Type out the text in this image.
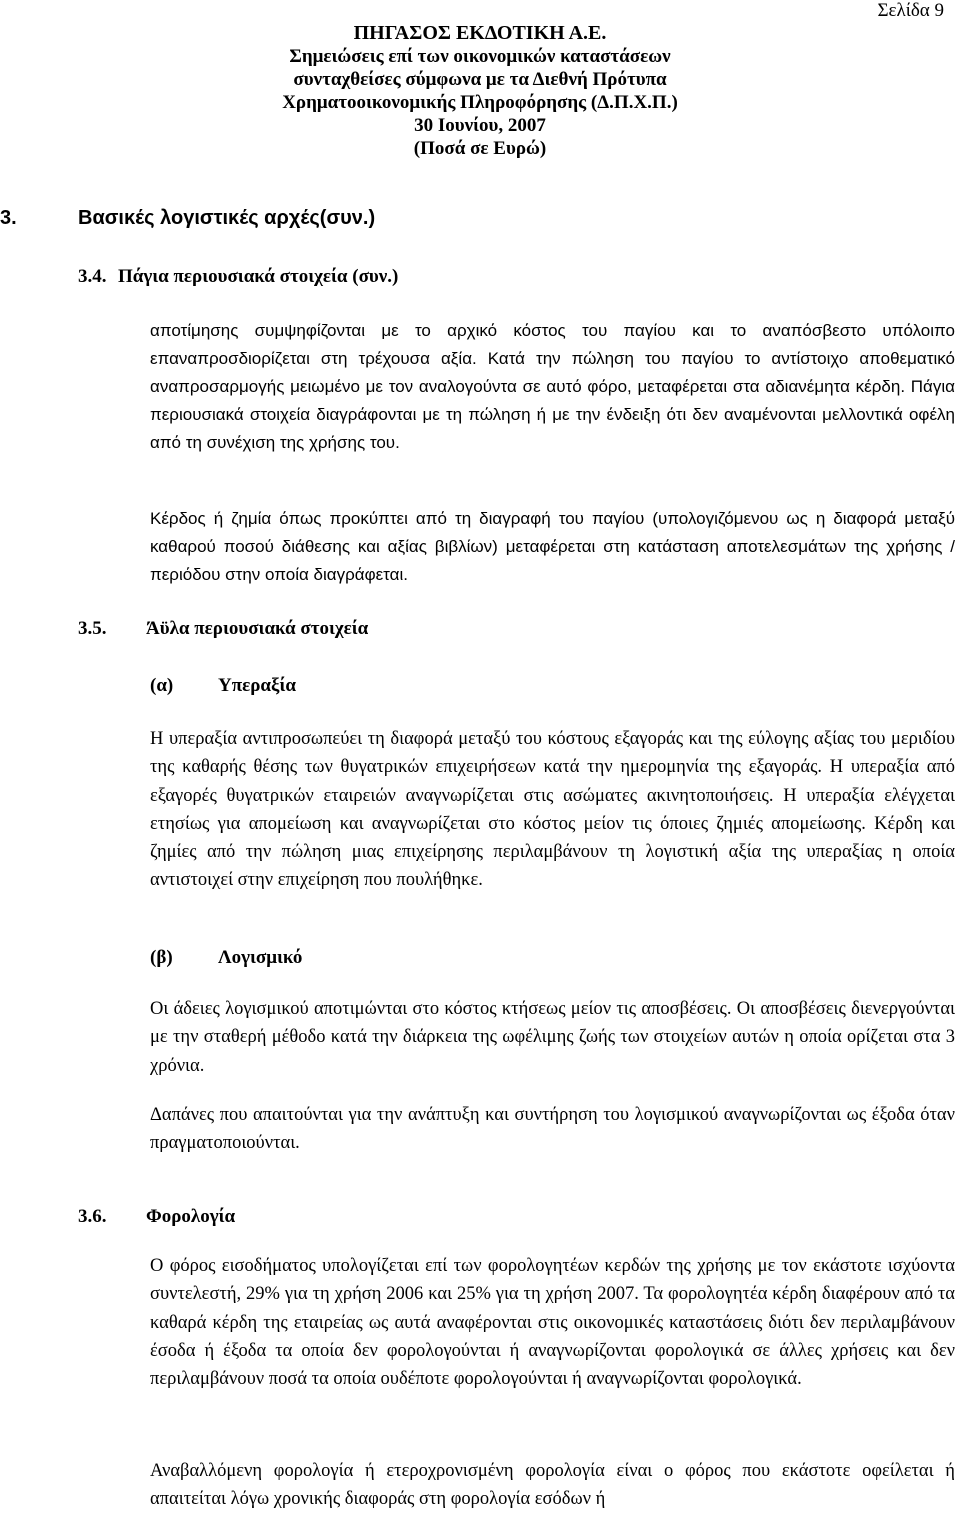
Σελίδα 9
ΠΗΓΑΣΟΣ ΕΚΔΟΤΙΚΗ Α.Ε.
Σημειώσεις επί των οικονομικών καταστάσεων
συνταχθείσες σύμφωνα με τα Διεθνή Πρότυπα
Χρηματοοικονομικής Πληροφόρησης (Δ.Π.Χ.Π.)
30 Ιουνίου, 2007
(Ποσά σε Ευρώ)
3.	Βασικές λογιστικές αρχές(συν.)
3.4. Πάγια περιουσιακά στοιχεία (συν.)
αποτίμησης συμψηφίζονται με το αρχικό κόστος του παγίου και το αναπόσβεστο υπόλοιπο επαναπροσδιορίζεται στη τρέχουσα αξία. Κατά την πώληση του παγίου το αντίστοιχο αποθεματικό αναπροσαρμογής μειωμένο με τον αναλογούντα σε αυτό φόρο, μεταφέρεται στα αδιανέμητα κέρδη. Πάγια περιουσιακά στοιχεία διαγράφονται με τη πώληση ή με την ένδειξη ότι δεν αναμένονται μελλοντικά οφέλη από τη συνέχιση της χρήσης του.
Κέρδος ή ζημία όπως προκύπτει από τη διαγραφή του παγίου (υπολογιζόμενου ως η διαφορά μεταξύ καθαρού ποσού διάθεσης και αξίας βιβλίων) μεταφέρεται στη κατάσταση αποτελεσμάτων της χρήσης / περιόδου στην οποία διαγράφεται.
3.5. Άϋλα περιουσιακά στοιχεία
(α) Υπεραξία
Η υπεραξία αντιπροσωπεύει τη διαφορά μεταξύ του κόστους εξαγοράς και της εύλογης αξίας του μεριδίου της καθαρής θέσης των θυγατρικών επιχειρήσεων κατά την ημερομηνία της εξαγοράς. Η υπεραξία από εξαγορές θυγατρικών εταιρειών αναγνωρίζεται στις ασώματες ακινητοποιήσεις. Η υπεραξία ελέγχεται ετησίως για απομείωση και αναγνωρίζεται στο κόστος μείον τις όποιες ζημιές απομείωσης. Κέρδη και ζημίες από την πώληση μιας επιχείρησης περιλαμβάνουν τη λογιστική αξία της υπεραξίας η οποία αντιστοιχεί στην επιχείρηση που πουλήθηκε.
(β) Λογισμικό
Οι άδειες λογισμικού αποτιμώνται στο κόστος κτήσεως μείον τις αποσβέσεις. Οι αποσβέσεις διενεργούνται με την σταθερή μέθοδο κατά την διάρκεια της ωφέλιμης ζωής των στοιχείων αυτών η οποία ορίζεται στα 3 χρόνια.
Δαπάνες που απαιτούνται για την ανάπτυξη και συντήρηση του λογισμικού αναγνωρίζονται ως έξοδα όταν πραγματοποιούνται.
3.6. Φορολογία
Ο φόρος εισοδήματος υπολογίζεται επί των φορολογητέων κερδών της χρήσης με τον εκάστοτε ισχύοντα συντελεστή, 29% για τη χρήση 2006 και 25% για τη χρήση 2007. Τα φορολογητέα κέρδη διαφέρουν από τα καθαρά κέρδη της εταιρείας ως αυτά αναφέρονται στις οικονομικές καταστάσεις διότι δεν περιλαμβάνουν έσοδα ή έξοδα τα οποία δεν φορολογούνται ή αναγνωρίζονται φορολογικά σε άλλες χρήσεις και δεν περιλαμβάνουν ποσά τα οποία ουδέποτε φορολογούνται ή αναγνωρίζονται φορολογικά.
Αναβαλλόμενη φορολογία ή ετεροχρονισμένη φορολογία είναι ο φόρος που εκάστοτε οφείλεται ή απαιτείται λόγω χρονικής διαφοράς στη φορολογία εσόδων ή
